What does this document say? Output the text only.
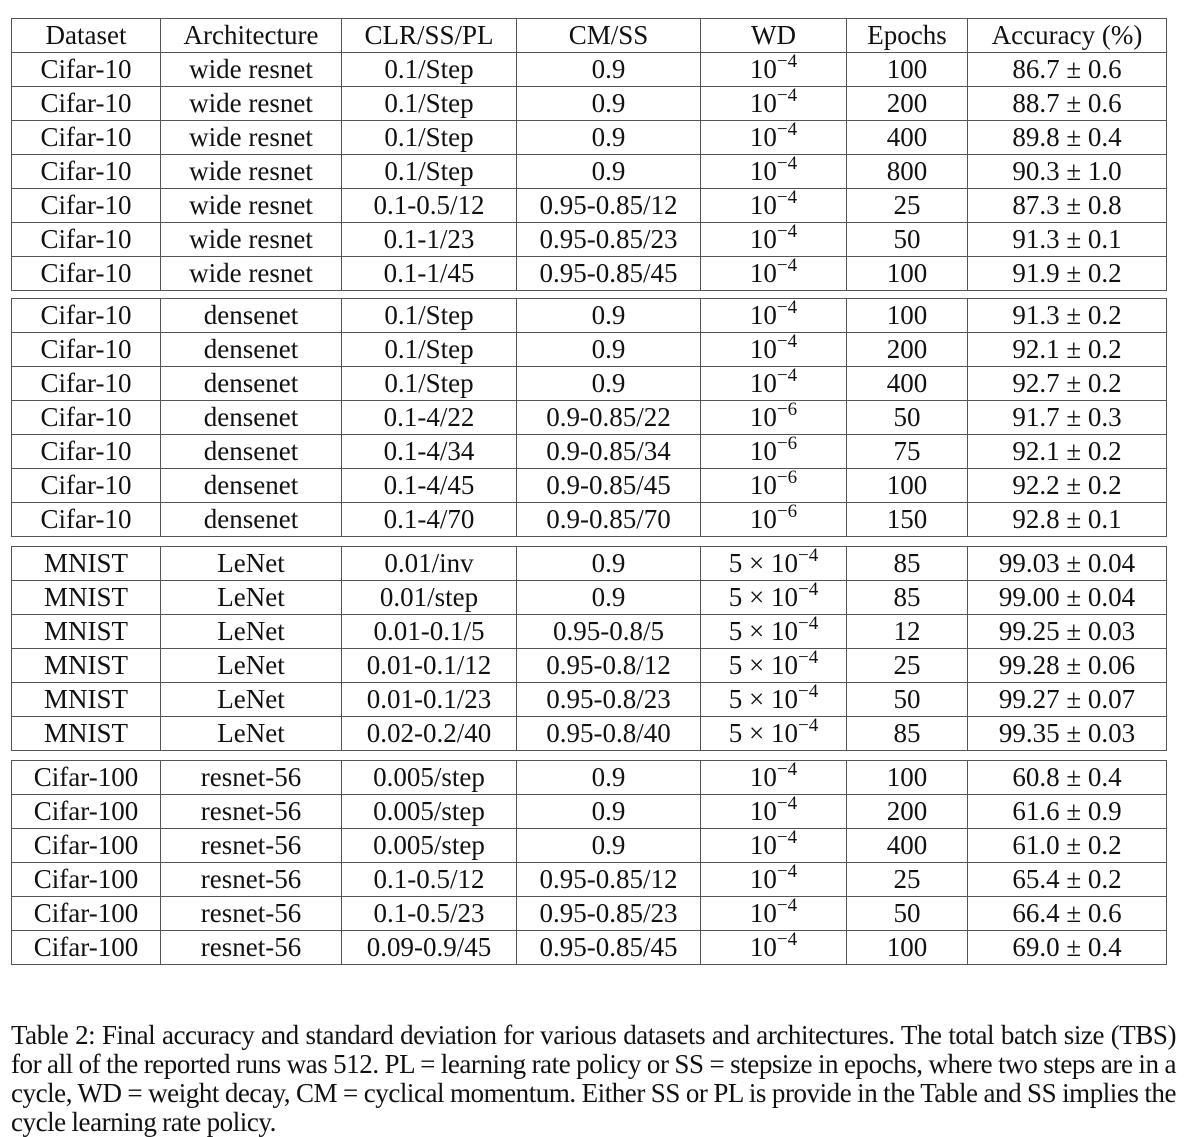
Dataset	Architecture	CLR/SS/PL	CM/SS	WD	Epochs	Accuracy (%)
Cifar-10	wide resnet	0.1/Step	0.9	$10^{-4}$	100	86.7 ± 0.6
Cifar-10	wide resnet	0.1/Step	0.9	$10^{-4}$	200	88.7 ± 0.6
Cifar-10	wide resnet	0.1/Step	0.9	$10^{-4}$	400	89.8 ± 0.4
Cifar-10	wide resnet	0.1/Step	0.9	$10^{-4}$	800	90.3 ± 1.0
Cifar-10	wide resnet	0.1-0.5/12	0.95-0.85/12	$10^{-4}$	25	87.3 ± 0.8
Cifar-10	wide resnet	0.1-1/23	0.95-0.85/23	$10^{-4}$	50	91.3 ± 0.1
Cifar-10	wide resnet	0.1-1/45	0.95-0.85/45	$10^{-4}$	100	91.9 ± 0.2
Cifar-10	densenet	0.1/Step	0.9	$10^{-4}$	100	91.3 ± 0.2
Cifar-10	densenet	0.1/Step	0.9	$10^{-4}$	200	92.1 ± 0.2
Cifar-10	densenet	0.1/Step	0.9	$10^{-4}$	400	92.7 ± 0.2
Cifar-10	densenet	0.1-4/22	0.9-0.85/22	$10^{-6}$	50	91.7 ± 0.3
Cifar-10	densenet	0.1-4/34	0.9-0.85/34	$10^{-6}$	75	92.1 ± 0.2
Cifar-10	densenet	0.1-4/45	0.9-0.85/45	$10^{-6}$	100	92.2 ± 0.2
Cifar-10	densenet	0.1-4/70	0.9-0.85/70	$10^{-6}$	150	92.8 ± 0.1
MNIST	LeNet	0.01/inv	0.9	$5 \times 10^{-4}$	85	99.03 ± 0.04
MNIST	LeNet	0.01/step	0.9	$5 \times 10^{-4}$	85	99.00 ± 0.04
MNIST	LeNet	0.01-0.1/5	0.95-0.8/5	$5 \times 10^{-4}$	12	99.25 ± 0.03
MNIST	LeNet	0.01-0.1/12	0.95-0.8/12	$5 \times 10^{-4}$	25	99.28 ± 0.06
MNIST	LeNet	0.01-0.1/23	0.95-0.8/23	$5 \times 10^{-4}$	50	99.27 ± 0.07
MNIST	LeNet	0.02-0.2/40	0.95-0.8/40	$5 \times 10^{-4}$	85	99.35 ± 0.03
Cifar-100	resnet-56	0.005/step	0.9	$10^{-4}$	100	60.8 ± 0.4
Cifar-100	resnet-56	0.005/step	0.9	$10^{-4}$	200	61.6 ± 0.9
Cifar-100	resnet-56	0.005/step	0.9	$10^{-4}$	400	61.0 ± 0.2
Cifar-100	resnet-56	0.1-0.5/12	0.95-0.85/12	$10^{-4}$	25	65.4 ± 0.2
Cifar-100	resnet-56	0.1-0.5/23	0.95-0.85/23	$10^{-4}$	50	66.4 ± 0.6
Cifar-100	resnet-56	0.09-0.9/45	0.95-0.85/45	$10^{-4}$	100	69.0 ± 0.4

Table 2: Final accuracy and standard deviation for various datasets and architectures. The total batch size (TBS) for all of the reported runs was 512. PL = learning rate policy or SS = stepsize in epochs, where two steps are in a cycle, WD = weight decay, CM = cyclical momentum. Either SS or PL is provide in the Table and SS implies the cycle learning rate policy.
